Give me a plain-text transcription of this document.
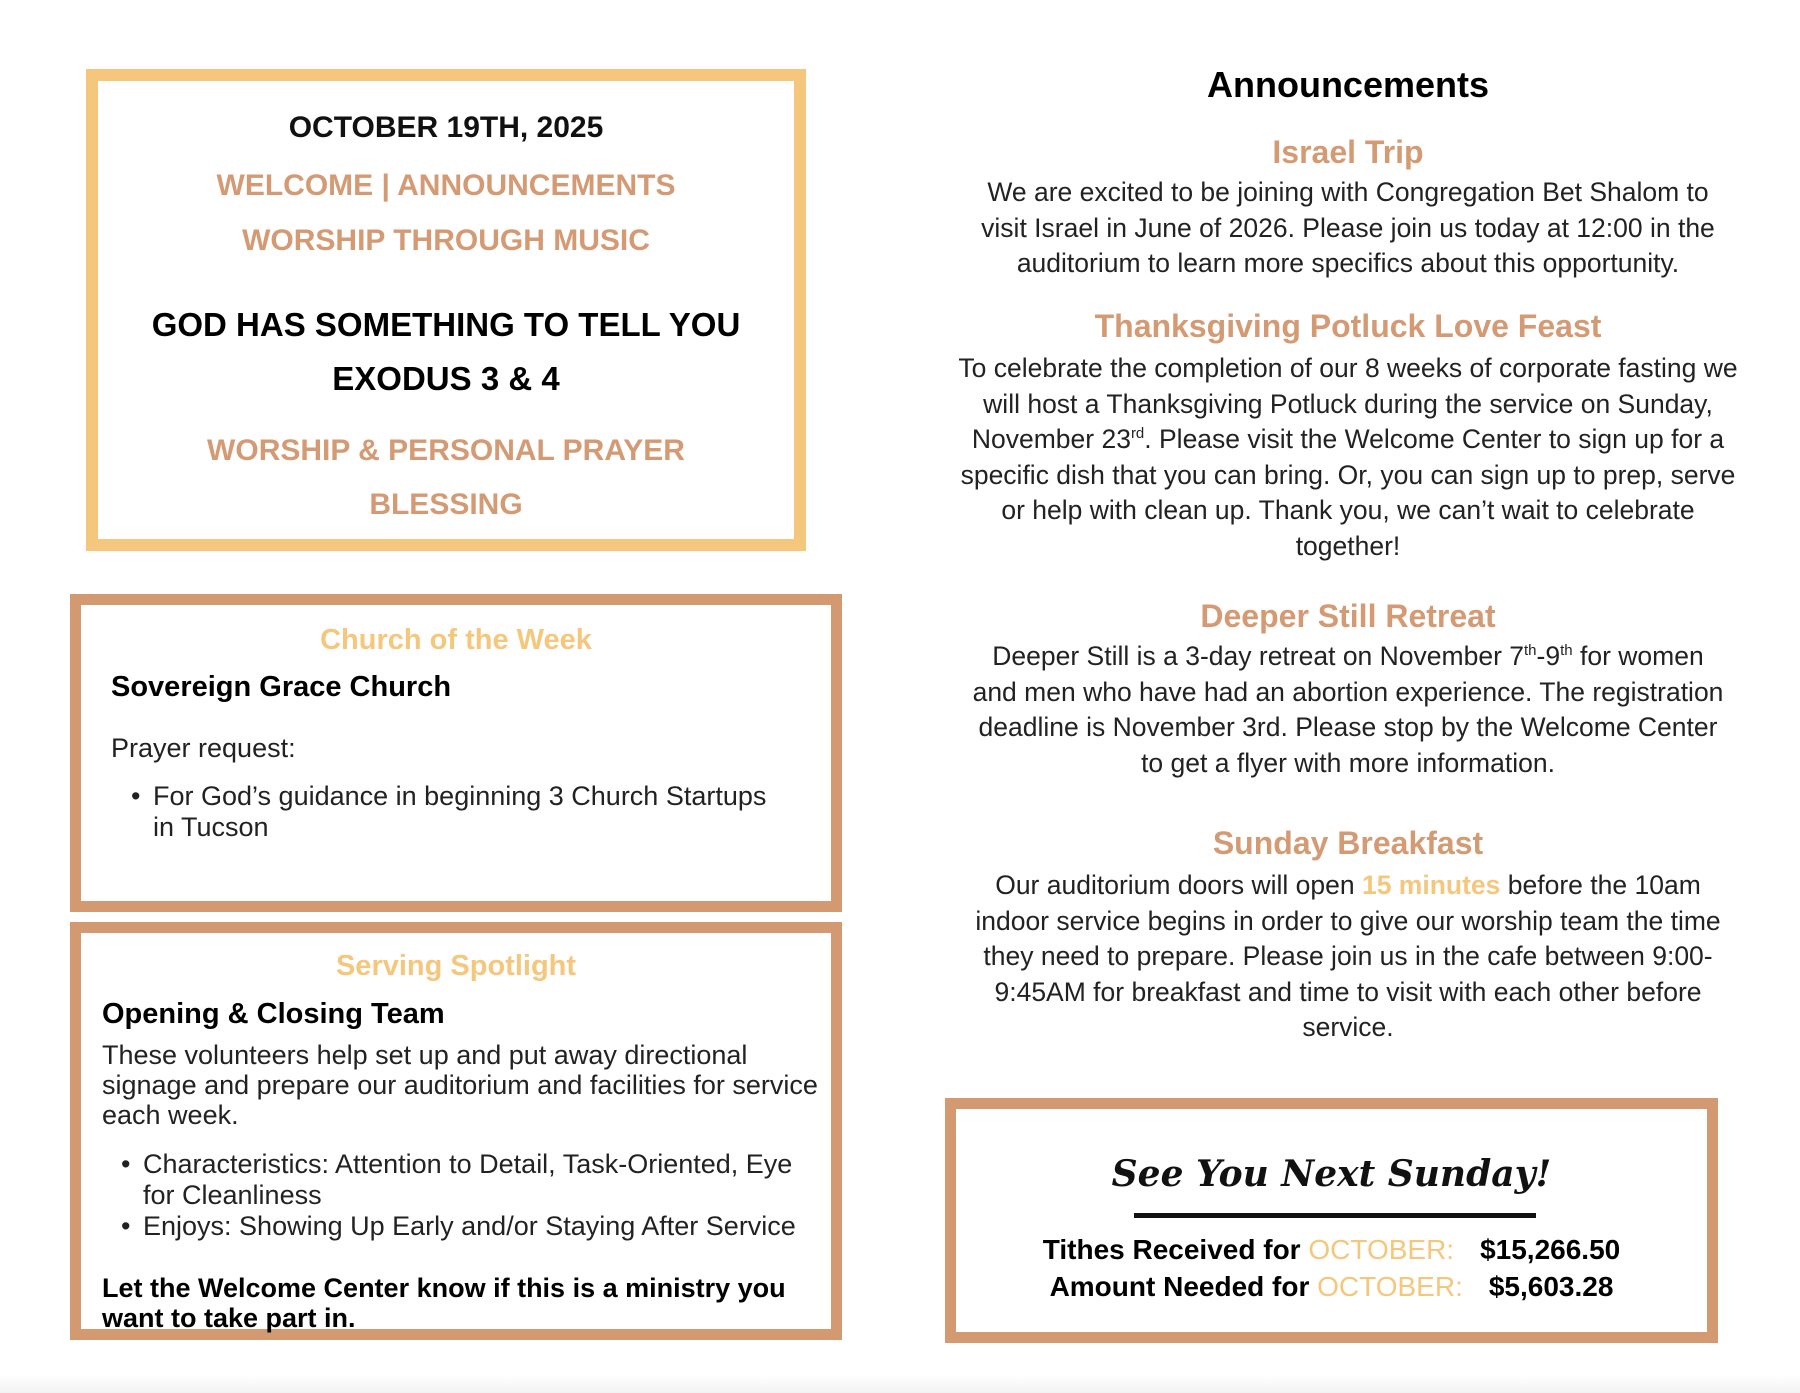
OCTOBER 19TH, 2025
WELCOME | ANNOUNCEMENTS
WORSHIP THROUGH MUSIC
GOD HAS SOMETHING TO TELL YOU
EXODUS 3 & 4
WORSHIP & PERSONAL PRAYER
BLESSING
Church of the Week
Sovereign Grace Church
Prayer request:
• For God’s guidance in beginning 3 Church Startups in Tucson
Serving Spotlight
Opening & Closing Team
These volunteers help set up and put away directional signage and prepare our auditorium and facilities for service each week.
• Characteristics: Attention to Detail, Task-Oriented, Eye for Cleanliness
• Enjoys: Showing Up Early and/or Staying After Service
Let the Welcome Center know if this is a ministry you want to take part in.
Announcements
Israel Trip
We are excited to be joining with Congregation Bet Shalom to visit Israel in June of 2026. Please join us today at 12:00 in the auditorium to learn more specifics about this opportunity.
Thanksgiving Potluck Love Feast
To celebrate the completion of our 8 weeks of corporate fasting we will host a Thanksgiving Potluck during the service on Sunday, November 23rd. Please visit the Welcome Center to sign up for a specific dish that you can bring. Or, you can sign up to prep, serve or help with clean up. Thank you, we can’t wait to celebrate together!
Deeper Still Retreat
Deeper Still is a 3-day retreat on November 7th-9th for women and men who have had an abortion experience. The registration deadline is November 3rd. Please stop by the Welcome Center to get a flyer with more information.
Sunday Breakfast
Our auditorium doors will open 15 minutes before the 10am indoor service begins in order to give our worship team the time they need to prepare. Please join us in the cafe between 9:00-9:45AM for breakfast and time to visit with each other before service.
See You Next Sunday!
Tithes Received for OCTOBER: $15,266.50
Amount Needed for OCTOBER: $5,603.28
